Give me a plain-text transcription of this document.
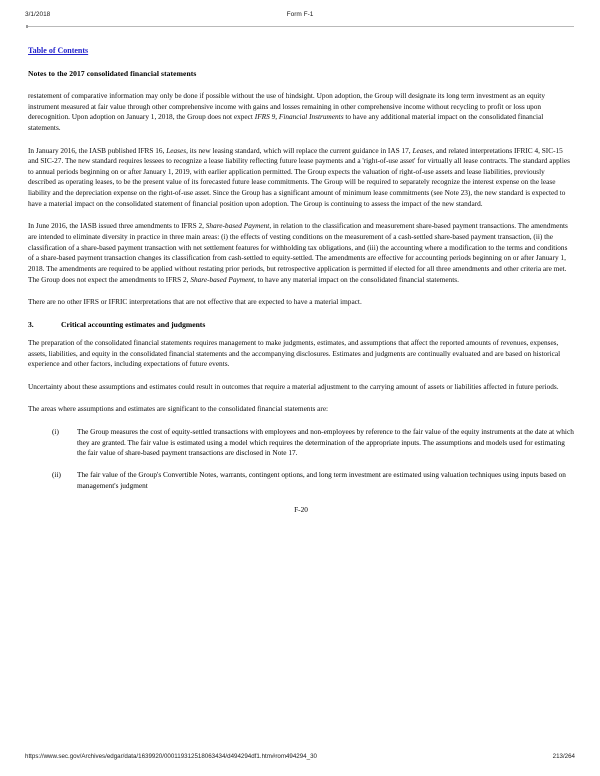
3/1/2018	Form F-1
Table of Contents
Notes to the 2017 consolidated financial statements

restatement of comparative information may only be done if possible without the use of hindsight. Upon adoption, the Group will designate its long term investment as an equity instrument measured at fair value through other comprehensive income with gains and losses remaining in other comprehensive income without recycling to profit or loss upon derecognition. Upon adoption on January 1, 2018, the Group does not expect IFRS 9, Financial Instruments to have any additional material impact on the consolidated financial statements.

In January 2016, the IASB published IFRS 16, Leases, its new leasing standard, which will replace the current guidance in IAS 17, Leases, and related interpretations IFRIC 4, SIC-15 and SIC-27. The new standard requires lessees to recognize a lease liability reflecting future lease payments and a 'right-of-use asset' for virtually all lease contracts. The standard applies to annual periods beginning on or after January 1, 2019, with earlier application permitted. The Group expects the valuation of right-of-use assets and lease liabilities, previously described as operating leases, to be the present value of its forecasted future lease commitments. The Group will be required to separately recognize the interest expense on the lease liability and the depreciation expense on the right-of-use asset. Since the Group has a significant amount of minimum lease commitments (see Note 23), the new standard is expected to have a material impact on the consolidated statement of financial position upon adoption. The Group is continuing to assess the impact of the new standard.

In June 2016, the IASB issued three amendments to IFRS 2, Share-based Payment, in relation to the classification and measurement share-based payment transactions. The amendments are intended to eliminate diversity in practice in three main areas: (i) the effects of vesting conditions on the measurement of a cash-settled share-based payment transaction, (ii) the classification of a share-based payment transaction with net settlement features for withholding tax obligations, and (iii) the accounting where a modification to the terms and conditions of a share-based payment transaction changes its classification from cash-settled to equity-settled. The amendments are effective for accounting periods beginning on or after January 1, 2018. The amendments are required to be applied without restating prior periods, but retrospective application is permitted if elected for all three amendments and other criteria are met. The Group does not expect the amendments to IFRS 2, Share-based Payment, to have any material impact on the consolidated financial statements.

There are no other IFRS or IFRIC interpretations that are not effective that are expected to have a material impact.

3.	Critical accounting estimates and judgments

The preparation of the consolidated financial statements requires management to make judgments, estimates, and assumptions that affect the reported amounts of revenues, expenses, assets, liabilities, and equity in the consolidated financial statements and the accompanying disclosures. Estimates and judgments are continually evaluated and are based on historical experience and other factors, including expectations of future events.

Uncertainty about these assumptions and estimates could result in outcomes that require a material adjustment to the carrying amount of assets or liabilities affected in future periods.

The areas where assumptions and estimates are significant to the consolidated financial statements are:

(i)	The Group measures the cost of equity-settled transactions with employees and non-employees by reference to the fair value of the equity instruments at the date at which they are granted. The fair value is estimated using a model which requires the determination of the appropriate inputs. The assumptions and models used for estimating the fair value of share-based payment transactions are disclosed in Note 17.
(ii)	The fair value of the Group's Convertible Notes, warrants, contingent options, and long term investment are estimated using valuation techniques using inputs based on management's judgment
F-20
https://www.sec.gov/Archives/edgar/data/1639920/000119312518063434/d494294df1.htm#rom494294_30	213/264
